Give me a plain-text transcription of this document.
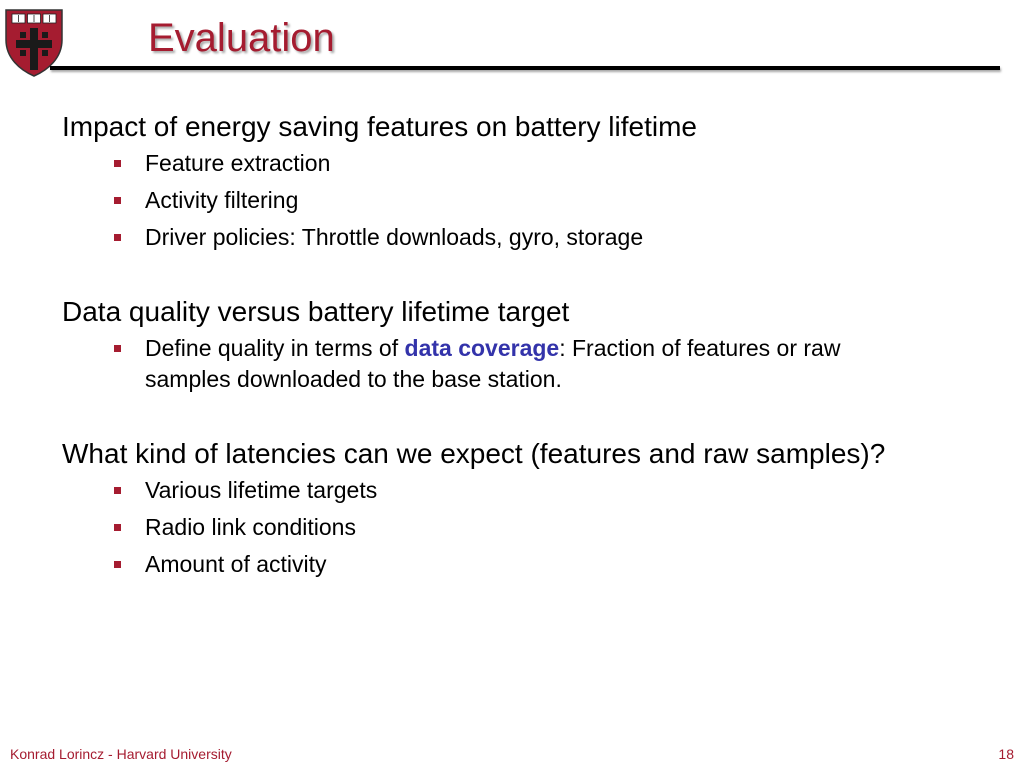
Evaluation

Impact of energy saving features on battery lifetime

Feature extraction
Activity filtering
Driver policies: Throttle downloads, gyro, storage

Data quality versus battery lifetime target

Define quality in terms of data coverage: Fraction of features or raw samples downloaded to the base station.

What kind of latencies can we expect (features and raw samples)?

Various lifetime targets
Radio link conditions
Amount of activity
Konrad Lorincz - Harvard University	18
